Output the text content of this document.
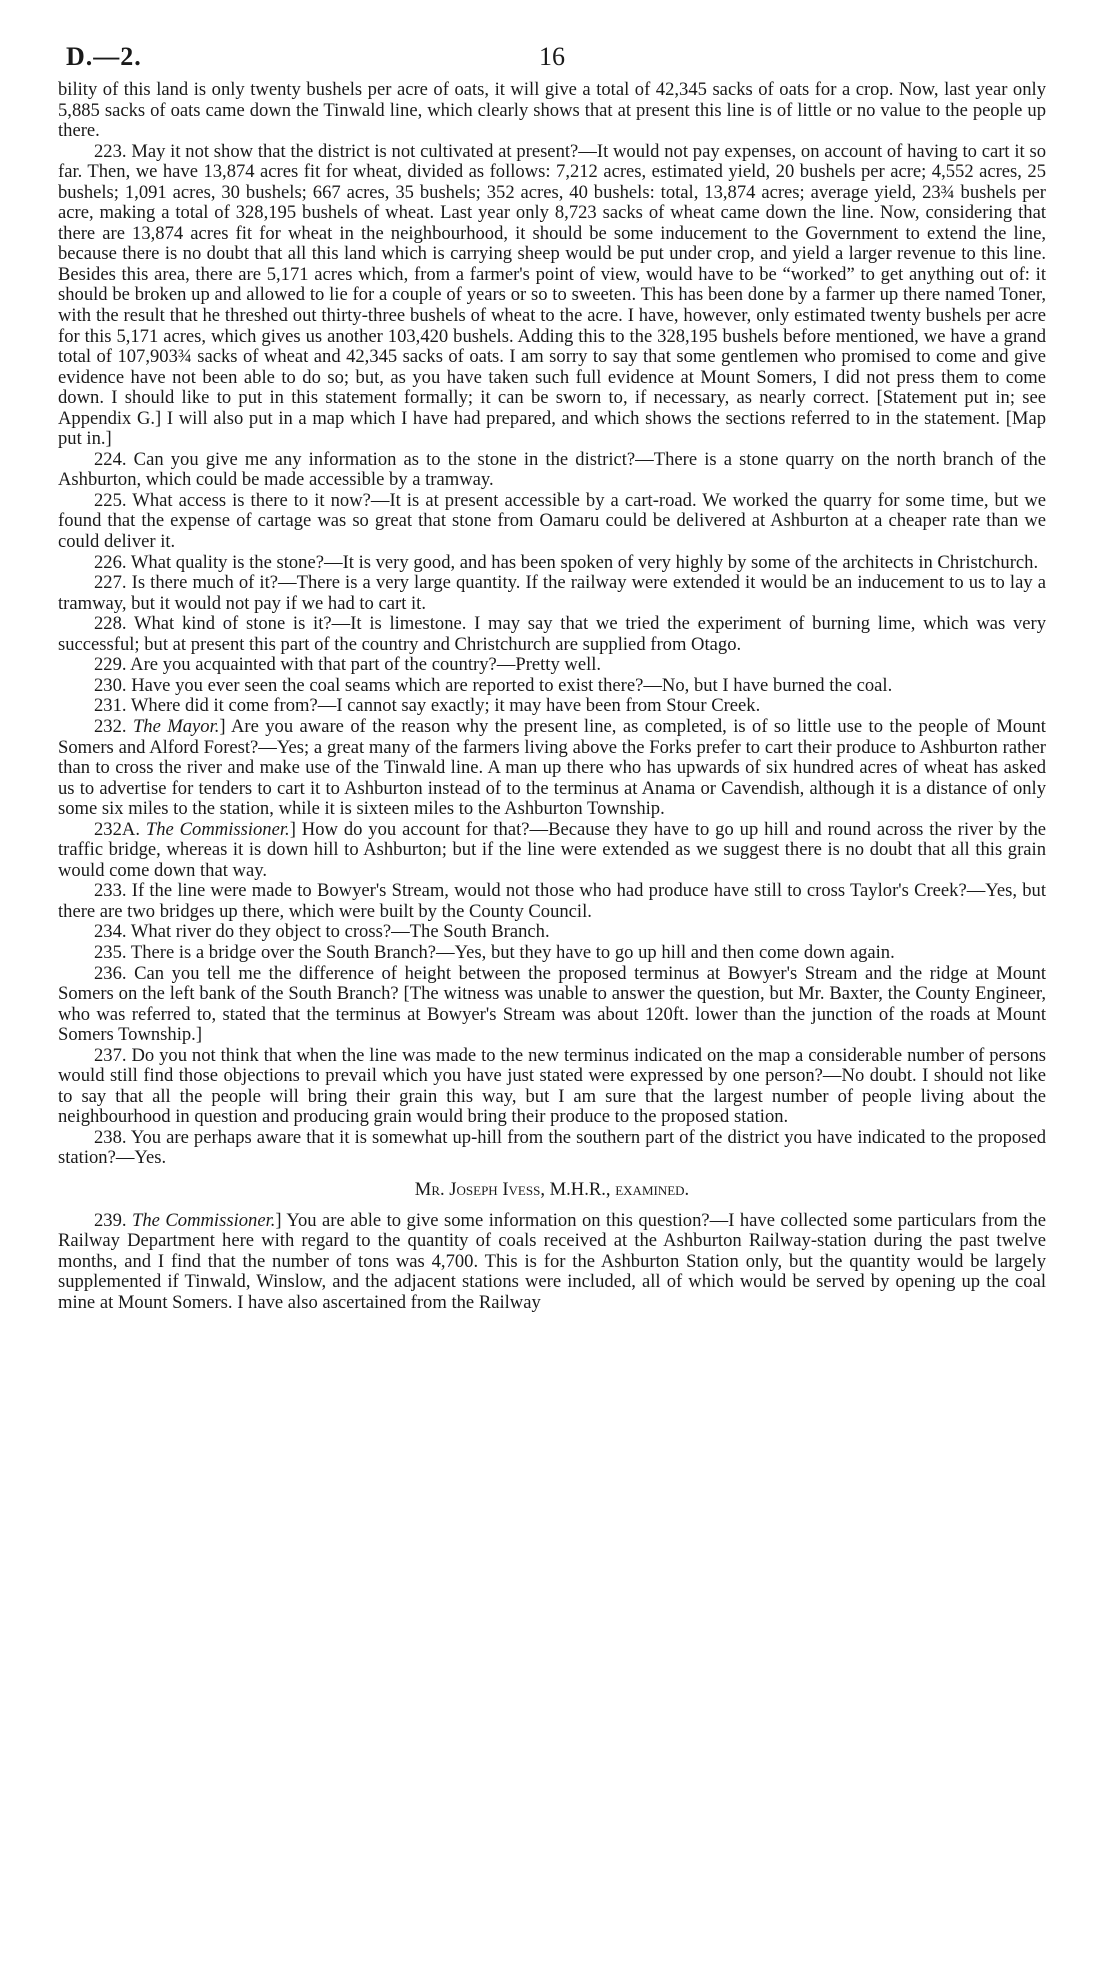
D.—2.	16

bility of this land is only twenty bushels per acre of oats, it will give a total of 42,345 sacks of oats for a crop. Now, last year only 5,885 sacks of oats came down the Tinwald line, which clearly shows that at present this line is of little or no value to the people up there.

223. May it not show that the district is not cultivated at present?—It would not pay expenses, on account of having to cart it so far. Then, we have 13,874 acres fit for wheat, divided as follows: 7,212 acres, estimated yield, 20 bushels per acre; 4,552 acres, 25 bushels; 1,091 acres, 30 bushels; 667 acres, 35 bushels; 352 acres, 40 bushels: total, 13,874 acres; average yield, 23¾ bushels per acre, making a total of 328,195 bushels of wheat. Last year only 8,723 sacks of wheat came down the line. Now, considering that there are 13,874 acres fit for wheat in the neighbourhood, it should be some inducement to the Government to extend the line, because there is no doubt that all this land which is carrying sheep would be put under crop, and yield a larger revenue to this line. Besides this area, there are 5,171 acres which, from a farmer's point of view, would have to be “worked” to get anything out of: it should be broken up and allowed to lie for a couple of years or so to sweeten. This has been done by a farmer up there named Toner, with the result that he threshed out thirty-three bushels of wheat to the acre. I have, however, only estimated twenty bushels per acre for this 5,171 acres, which gives us another 103,420 bushels. Adding this to the 328,195 bushels before mentioned, we have a grand total of 107,903¾ sacks of wheat and 42,345 sacks of oats. I am sorry to say that some gentlemen who promised to come and give evidence have not been able to do so; but, as you have taken such full evidence at Mount Somers, I did not press them to come down. I should like to put in this statement formally; it can be sworn to, if necessary, as nearly correct. [Statement put in; see Appendix G.] I will also put in a map which I have had prepared, and which shows the sections referred to in the statement. [Map put in.]

224. Can you give me any information as to the stone in the district?—There is a stone quarry on the north branch of the Ashburton, which could be made accessible by a tramway.

225. What access is there to it now?—It is at present accessible by a cart-road. We worked the quarry for some time, but we found that the expense of cartage was so great that stone from Oamaru could be delivered at Ashburton at a cheaper rate than we could deliver it.

226. What quality is the stone?—It is very good, and has been spoken of very highly by some of the architects in Christchurch.

227. Is there much of it?—There is a very large quantity. If the railway were extended it would be an inducement to us to lay a tramway, but it would not pay if we had to cart it.

228. What kind of stone is it?—It is limestone. I may say that we tried the experiment of burning lime, which was very successful; but at present this part of the country and Christchurch are supplied from Otago.

229. Are you acquainted with that part of the country?—Pretty well.

230. Have you ever seen the coal seams which are reported to exist there?—No, but I have burned the coal.

231. Where did it come from?—I cannot say exactly; it may have been from Stour Creek.

232. The Mayor.] Are you aware of the reason why the present line, as completed, is of so little use to the people of Mount Somers and Alford Forest?—Yes; a great many of the farmers living above the Forks prefer to cart their produce to Ashburton rather than to cross the river and make use of the Tinwald line. A man up there who has upwards of six hundred acres of wheat has asked us to advertise for tenders to cart it to Ashburton instead of to the terminus at Anama or Cavendish, although it is a distance of only some six miles to the station, while it is sixteen miles to the Ashburton Township.

232A. The Commissioner.] How do you account for that?—Because they have to go up hill and round across the river by the traffic bridge, whereas it is down hill to Ashburton; but if the line were extended as we suggest there is no doubt that all this grain would come down that way.

233. If the line were made to Bowyer's Stream, would not those who had produce have still to cross Taylor's Creek?—Yes, but there are two bridges up there, which were built by the County Council.

234. What river do they object to cross?—The South Branch.

235. There is a bridge over the South Branch?—Yes, but they have to go up hill and then come down again.

236. Can you tell me the difference of height between the proposed terminus at Bowyer's Stream and the ridge at Mount Somers on the left bank of the South Branch? [The witness was unable to answer the question, but Mr. Baxter, the County Engineer, who was referred to, stated that the terminus at Bowyer's Stream was about 120ft. lower than the junction of the roads at Mount Somers Township.]

237. Do you not think that when the line was made to the new terminus indicated on the map a considerable number of persons would still find those objections to prevail which you have just stated were expressed by one person?—No doubt. I should not like to say that all the people will bring their grain this way, but I am sure that the largest number of people living about the neighbourhood in question and producing grain would bring their produce to the proposed station.

238. You are perhaps aware that it is somewhat up-hill from the southern part of the district you have indicated to the proposed station?—Yes.

Mr. Joseph Ivess, M.H.R., examined.

239. The Commissioner.] You are able to give some information on this question?—I have collected some particulars from the Railway Department here with regard to the quantity of coals received at the Ashburton Railway-station during the past twelve months, and I find that the number of tons was 4,700. This is for the Ashburton Station only, but the quantity would be largely supplemented if Tinwald, Winslow, and the adjacent stations were included, all of which would be served by opening up the coal mine at Mount Somers. I have also ascertained from the Railway
